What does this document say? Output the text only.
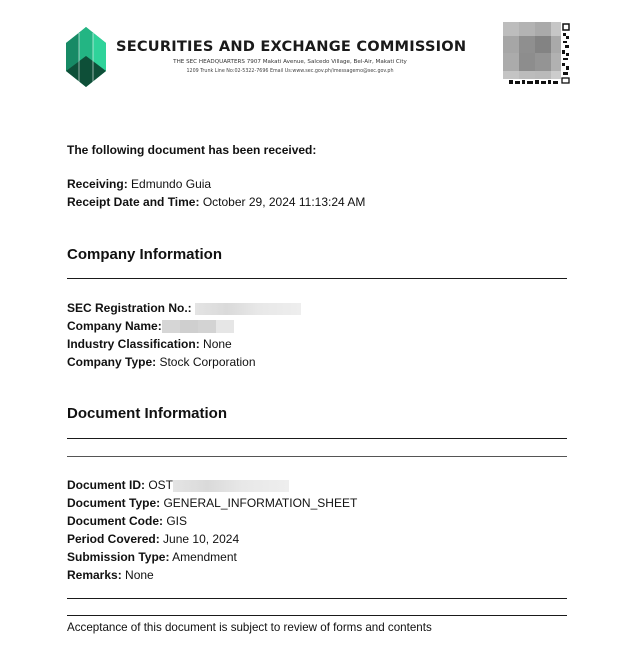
SECURITIES AND EXCHANGE COMMISSION
THE SEC HEADQUARTERS 7907 Makati Avenue, Salcedo Village, Bel-Air, Makati City
1209 Trunk Line No:02-5322-7696 Email Us:www.sec.gov.ph/imessagemo@sec.gov.ph
The following document has been received:
Receiving: Edmundo Guia
Receipt Date and Time: October 29, 2024 11:13:24 AM
Company Information
SEC Registration No.:
Company Name:
Industry Classification: None
Company Type: Stock Corporation
Document Information
Document ID: OST
Document Type: GENERAL_INFORMATION_SHEET
Document Code: GIS
Period Covered: June 10, 2024
Submission Type: Amendment
Remarks: None
Acceptance of this document is subject to review of forms and contents
